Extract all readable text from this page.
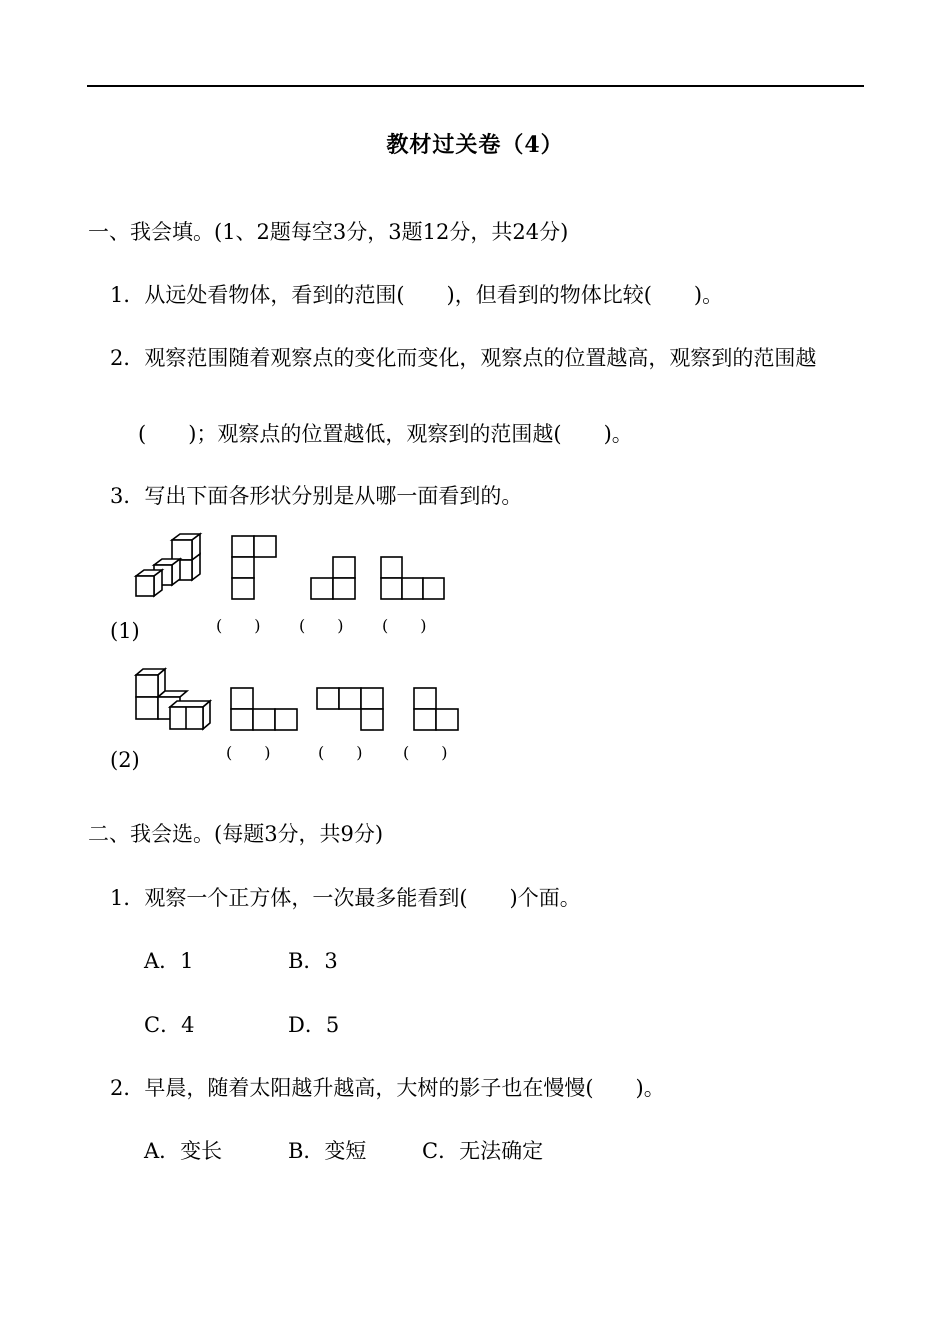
教材过关卷（4）
一、我会填。(1、2题每空3分，3题12分，共24分)
1．从远处看物体，看到的范围(　　)，但看到的物体比较(　　)。
2．观察范围随着观察点的变化而变化，观察点的位置越高，观察到的范围越
(　　)；观察点的位置越低，观察到的范围越(　　)。
3．写出下面各形状分别是从哪一面看到的。
(1)	(　　) (　　) (　　)
(2)	(　　)	(　　)	(　　)
二、我会选。(每题3分，共9分)
1．观察一个正方体，一次最多能看到(　　)个面。
A．1	B．3
C．4	D．5
2．早晨，随着太阳越升越高，大树的影子也在慢慢(　　)。
A．变长	B．变短	C．无法确定
